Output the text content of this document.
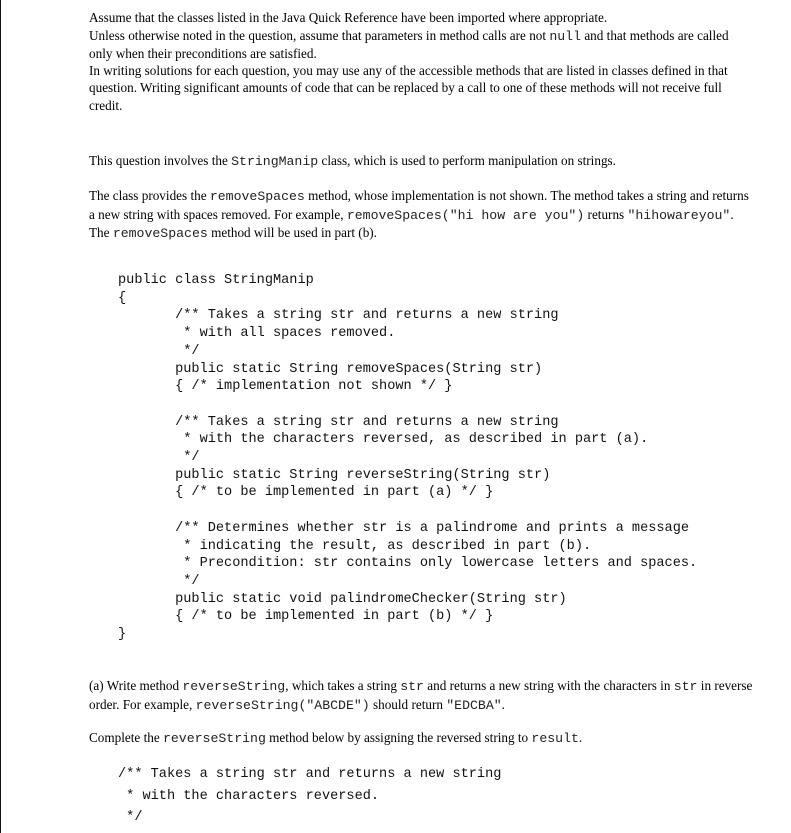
Assume that the classes listed in the Java Quick Reference have been imported where appropriate.

Unless otherwise noted in the question, assume that parameters in method calls are not null and that methods are called only when their preconditions are satisfied.

In writing solutions for each question, you may use any of the accessible methods that are listed in classes defined in that question. Writing significant amounts of code that can be replaced by a call to one of these methods will not receive full credit.

This question involves the StringManip class, which is used to perform manipulation on strings.

The class provides the removeSpaces method, whose implementation is not shown. The method takes a string and returns a new string with spaces removed. For example, removeSpaces("hi how are you") returns "hihowareyou". The removeSpaces method will be used in part (b).

public class StringManip
{
/** Takes a string str and returns a new string
* with all spaces removed.
*/
public static String removeSpaces(String str)
{ /* implementation not shown */ }

/** Takes a string str and returns a new string
* with the characters reversed, as described in part (a).
*/
public static String reverseString(String str)
{ /* to be implemented in part (a) */ }

/** Determines whether str is a palindrome and prints a message
* indicating the result, as described in part (b).
* Precondition: str contains only lowercase letters and spaces.
*/
public static void palindromeChecker(String str)
{ /* to be implemented in part (b) */ }
}

(a) Write method reverseString, which takes a string str and returns a new string with the characters in str in reverse order. For example, reverseString("ABCDE") should return "EDCBA".

Complete the reverseString method below by assigning the reversed string to result.

/** Takes a string str and returns a new string
* with the characters reversed.
*/
